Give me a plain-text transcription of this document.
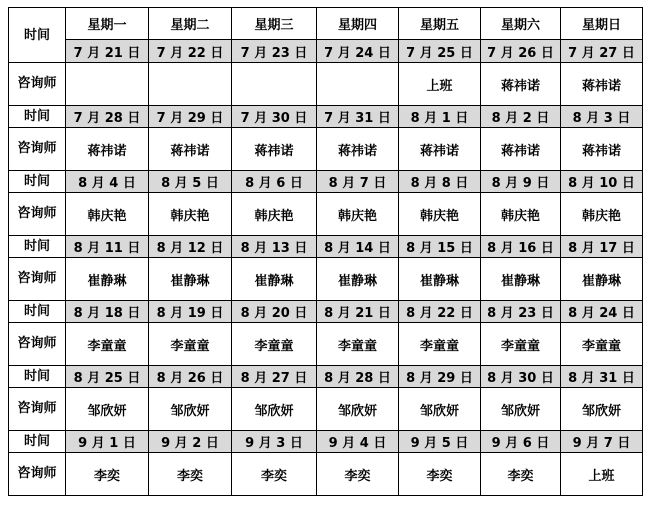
时间	星期一	星期二	星期三	星期四	星期五	星期六	星期日
	7 月 21 日	7 月 22 日	7 月 23 日	7 月 24 日	7 月 25 日	7 月 26 日	7 月 27 日
咨询师					上班	蒋祎诺	蒋祎诺
时间	7 月 28 日	7 月 29 日	7 月 30 日	7 月 31 日	8 月 1 日	8 月 2 日	8 月 3 日
咨询师	蒋祎诺	蒋祎诺	蒋祎诺	蒋祎诺	蒋祎诺	蒋祎诺	蒋祎诺
时间	8 月 4 日	8 月 5 日	8 月 6 日	8 月 7 日	8 月 8 日	8 月 9 日	8 月 10 日
咨询师	韩庆艳	韩庆艳	韩庆艳	韩庆艳	韩庆艳	韩庆艳	韩庆艳
时间	8 月 11 日	8 月 12 日	8 月 13 日	8 月 14 日	8 月 15 日	8 月 16 日	8 月 17 日
咨询师	崔静琳	崔静琳	崔静琳	崔静琳	崔静琳	崔静琳	崔静琳
时间	8 月 18 日	8 月 19 日	8 月 20 日	8 月 21 日	8 月 22 日	8 月 23 日	8 月 24 日
咨询师	李童童	李童童	李童童	李童童	李童童	李童童	李童童
时间	8 月 25 日	8 月 26 日	8 月 27 日	8 月 28 日	8 月 29 日	8 月 30 日	8 月 31 日
咨询师	邹欣妍	邹欣妍	邹欣妍	邹欣妍	邹欣妍	邹欣妍	邹欣妍
时间	9 月 1 日	9 月 2 日	9 月 3 日	9 月 4 日	9 月 5 日	9 月 6 日	9 月 7 日
咨询师	李奕	李奕	李奕	李奕	李奕	李奕	上班
